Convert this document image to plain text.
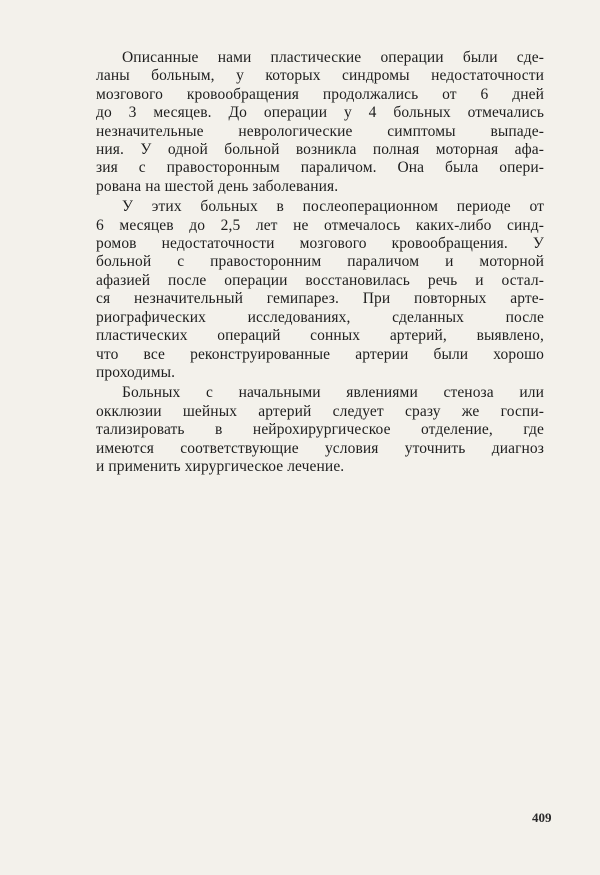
Описанные нами пластические операции были сде-
ланы больным, у которых синдромы недостаточности
мозгового кровообращения продолжались от 6 дней
до 3 месяцев. До операции у 4 больных отмечались
незначительные неврологические симптомы выпаде-
ния. У одной больной возникла полная моторная афа-
зия с правосторонным параличом. Она была опери-
рована на шестой день заболевания.

У этих больных в послеоперационном периоде от
6 месяцев до 2,5 лет не отмечалось каких-либо синд-
ромов недостаточности мозгового кровообращения. У
больной с правосторонним параличом и моторной
афазией после операции восстановилась речь и остал-
ся незначительный гемипарез. При повторных арте-
риографических исследованиях, сделанных после
пластических операций сонных артерий, выявлено,
что все реконструированные артерии были хорошо
проходимы.

Больных с начальными явлениями стеноза или
окклюзии шейных артерий следует сразу же госпи-
тализировать в нейрохирургическое отделение, где
имеются соответствующие условия уточнить диагноз
и применить хирургическое лечение.

409
